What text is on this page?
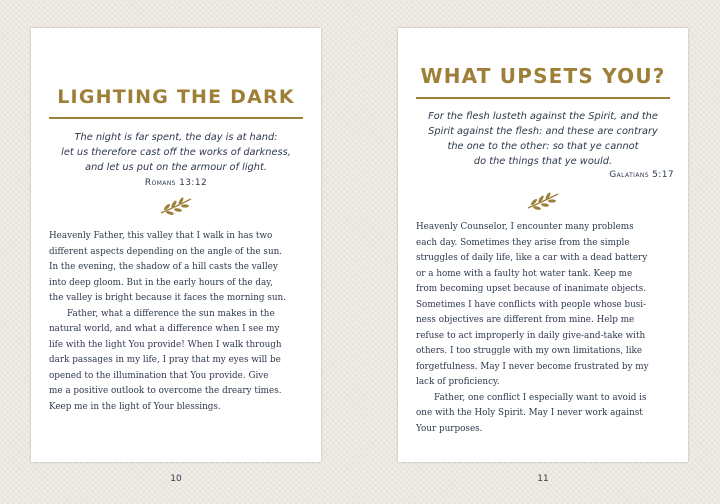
LIGHTING THE DARK
The night is far spent, the day is at hand:
let us therefore cast off the works of darkness,
and let us put on the armour of light.
Romans 13:12
Heavenly Father, this valley that I walk in has two
different aspects depending on the angle of the sun.
In the evening, the shadow of a hill casts the valley
into deep gloom. But in the early hours of the day,
the valley is bright because it faces the morning sun.
Father, what a difference the sun makes in the
natural world, and what a difference when I see my
life with the light You provide! When I walk through
dark passages in my life, I pray that my eyes will be
opened to the illumination that You provide. Give
me a positive outlook to overcome the dreary times.
Keep me in the light of Your blessings.
10
WHAT UPSETS YOU?
For the flesh lusteth against the Spirit, and the
Spirit against the flesh: and these are contrary
the one to the other: so that ye cannot
do the things that ye would.
Galatians 5:17
Heavenly Counselor, I encounter many problems
each day. Sometimes they arise from the simple
struggles of daily life, like a car with a dead battery
or a home with a faulty hot water tank. Keep me
from becoming upset because of inanimate objects.
Sometimes I have conflicts with people whose busi-
ness objectives are different from mine. Help me
refuse to act improperly in daily give-and-take with
others. I too struggle with my own limitations, like
forgetfulness. May I never become frustrated by my
lack of proficiency.
Father, one conflict I especially want to avoid is
one with the Holy Spirit. May I never work against
Your purposes.
11
